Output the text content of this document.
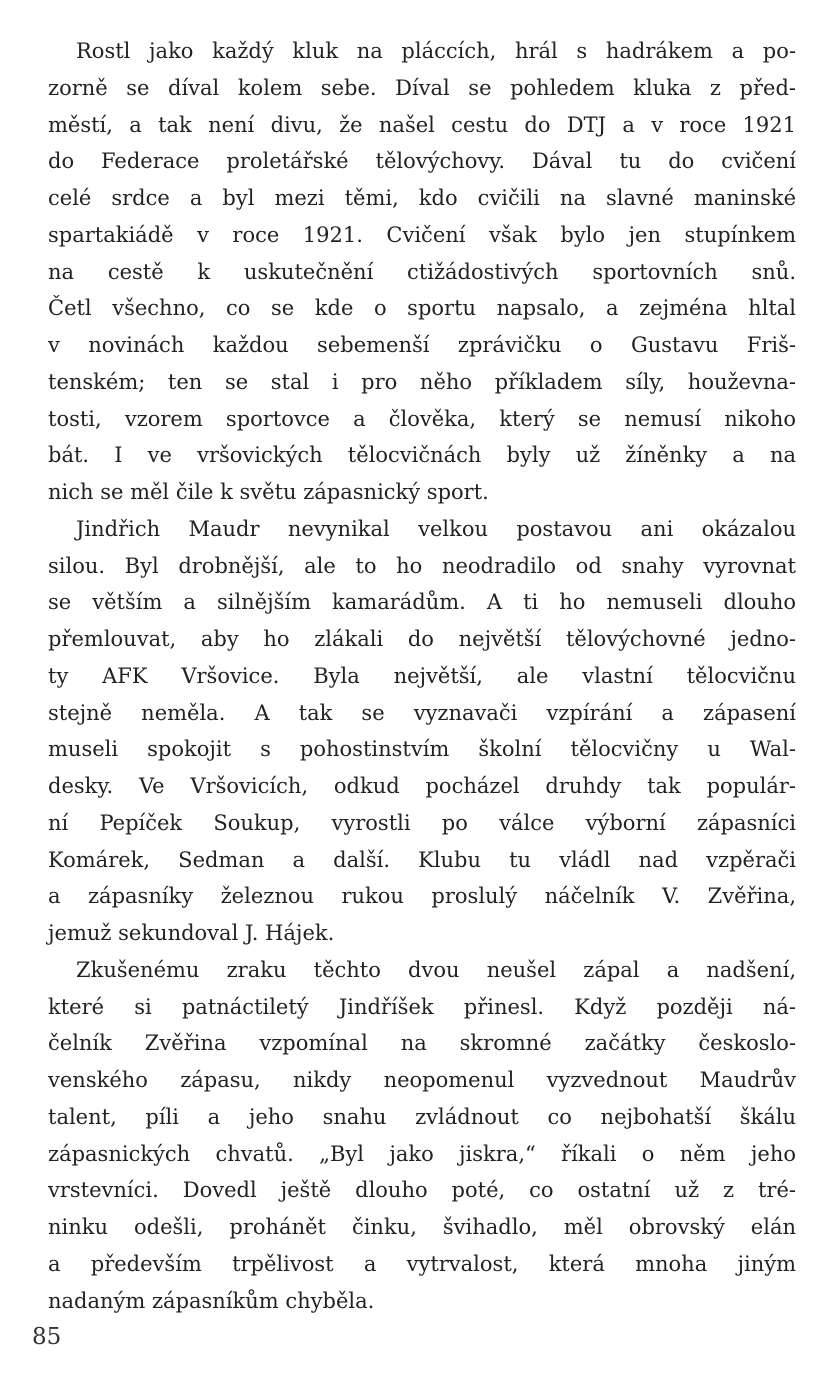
Rostl jako každý kluk na pláccích, hrál s hadrákem a po-
zorně se díval kolem sebe. Díval se pohledem kluka z před-
městí, a tak není divu, že našel cestu do DTJ a v roce 1921
do Federace proletářské tělovýchovy. Dával tu do cvičení
celé srdce a byl mezi těmi, kdo cvičili na slavné maninské
spartakiádě v roce 1921. Cvičení však bylo jen stupínkem
na cestě k uskutečnění ctižádostivých sportovních snů.
Četl všechno, co se kde o sportu napsalo, a zejména hltal
v novinách každou sebemenší zprávičku o Gustavu Friš-
tenském; ten se stal i pro něho příkladem síly, houževna-
tosti, vzorem sportovce a člověka, který se nemusí nikoho
bát. I ve vršovických tělocvičnách byly už žíněnky a na
nich se měl čile k světu zápasnický sport.

Jindřich Maudr nevynikal velkou postavou ani okázalou
silou. Byl drobnější, ale to ho neodradilo od snahy vyrovnat
se větším a silnějším kamarádům. A ti ho nemuseli dlouho
přemlouvat, aby ho zlákali do největší tělovýchovné jedno-
ty AFK Vršovice. Byla největší, ale vlastní tělocvičnu
stejně neměla. A tak se vyznavači vzpírání a zápasení
museli spokojit s pohostinstvím školní tělocvičny u Wal-
desky. Ve Vršovicích, odkud pocházel druhdy tak populár-
ní Pepíček Soukup, vyrostli po válce výborní zápasníci
Komárek, Sedman a další. Klubu tu vládl nad vzpěrači
a zápasníky železnou rukou proslulý náčelník V. Zvěřina,
jemuž sekundoval J. Hájek.

Zkušenému zraku těchto dvou neušel zápal a nadšení,
které si patnáctiletý Jindříšek přinesl. Když později ná-
čelník Zvěřina vzpomínal na skromné začátky českoslo-
venského zápasu, nikdy neopomenul vyzvednout Maudrův
talent, píli a jeho snahu zvládnout co nejbohatší škálu
zápasnických chvatů. „Byl jako jiskra,“ říkali o něm jeho
vrstevníci. Dovedl ještě dlouho poté, co ostatní už z tré-
ninku odešli, prohánět činku, švihadlo, měl obrovský elán
a především trpělivost a vytrvalost, která mnoha jiným
nadaným zápasníkům chyběla.

85
